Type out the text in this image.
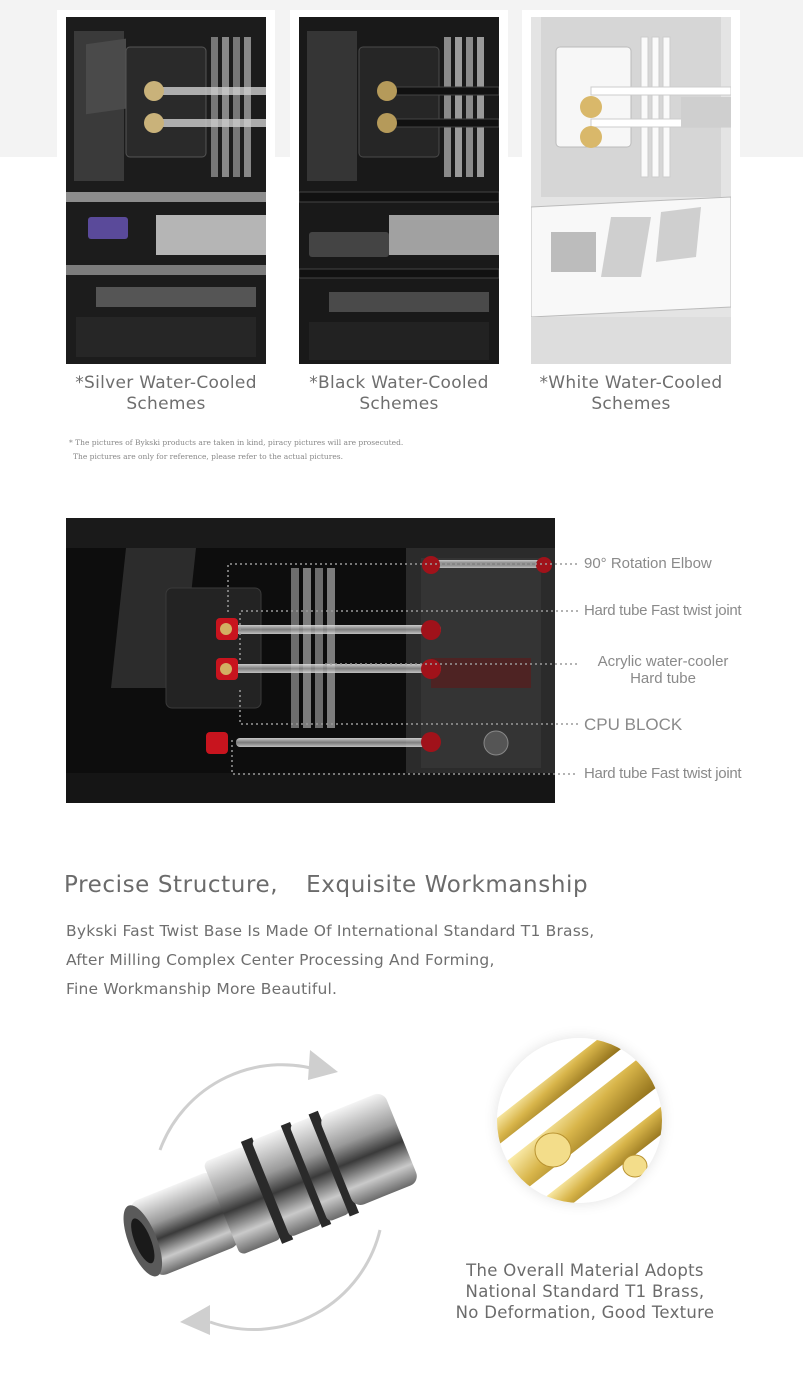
*Silver Water-Cooled
Schemes
*Black Water-Cooled
Schemes
*White Water-Cooled
Schemes
* The pictures of Bykski products are taken in kind, piracy pictures will are prosecuted.
The pictures are only for reference, please refer to the actual pictures.
90° Rotation Elbow
Hard tube Fast twist joint
Acrylic water-cooler
Hard tube
CPU BLOCK
Hard tube Fast twist joint
Precise Structure, Exquisite Workmanship
Bykski Fast Twist Base Is Made Of International Standard T1 Brass,
After Milling Complex Center Processing And Forming,
Fine Workmanship More Beautiful.
The Overall Material Adopts
National Standard T1 Brass,
No Deformation, Good Texture
